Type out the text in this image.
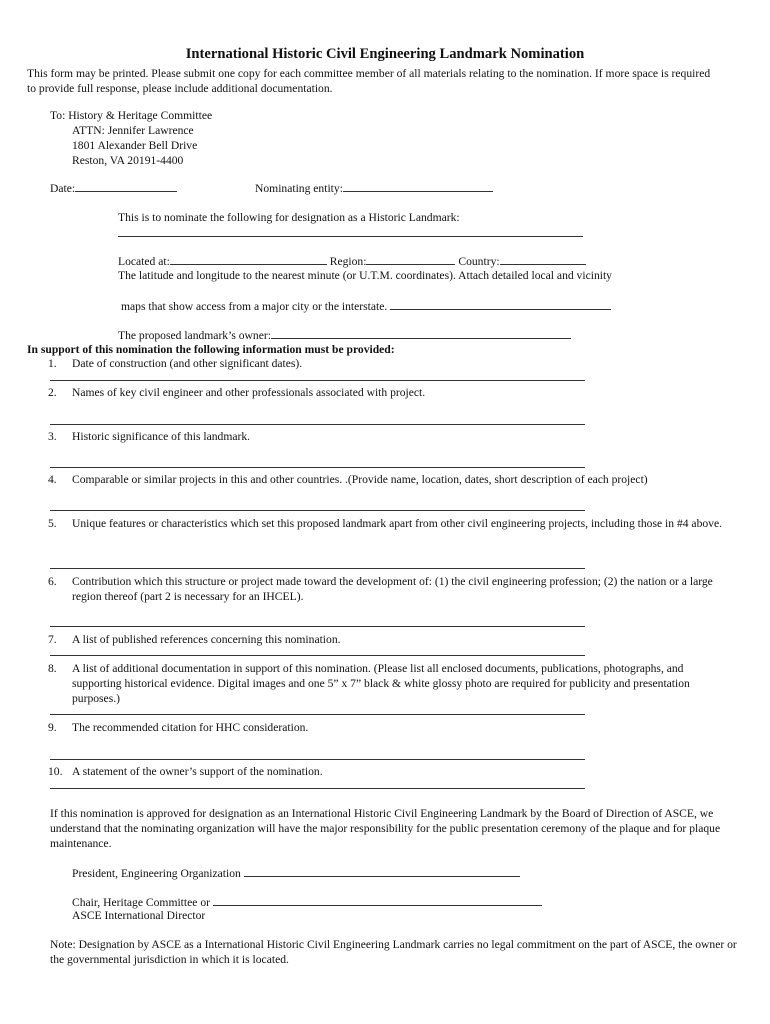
International Historic Civil Engineering Landmark Nomination
This form may be printed. Please submit one copy for each committee member of all materials relating to the nomination. If more space is required to provide full response, please include additional documentation.
To: History & Heritage Committee
ATTN: Jennifer Lawrence
1801 Alexander Bell Drive
Reston, VA 20191-4400
Date:	Nominating entity:
This is to nominate the following for designation as a Historic Landmark:
Located at:	Region:	Country:
The latitude and longitude to the nearest minute (or U.T.M. coordinates). Attach detailed local and vicinity
maps that show access from a major city or the interstate.
The proposed landmark’s owner:
In support of this nomination the following information must be provided:
1. Date of construction (and other significant dates).
2. Names of key civil engineer and other professionals associated with project.
3. Historic significance of this landmark.
4. Comparable or similar projects in this and other countries. .(Provide name, location, dates, short description of each project)
5. Unique features or characteristics which set this proposed landmark apart from other civil engineering projects, including those in #4 above.
6. Contribution which this structure or project made toward the development of: (1) the civil engineering profession; (2) the nation or a large region thereof (part 2 is necessary for an IHCEL).
7. A list of published references concerning this nomination.
8. A list of additional documentation in support of this nomination. (Please list all enclosed documents, publications, photographs, and supporting historical evidence. Digital images and one 5” x 7” black & white glossy photo are required for publicity and presentation purposes.)
9. The recommended citation for HHC consideration.
10. A statement of the owner’s support of the nomination.
If this nomination is approved for designation as an International Historic Civil Engineering Landmark by the Board of Direction of ASCE, we understand that the nominating organization will have the major responsibility for the public presentation ceremony of the plaque and for plaque maintenance.
President, Engineering Organization
Chair, Heritage Committee or
ASCE International Director
Note: Designation by ASCE as a International Historic Civil Engineering Landmark carries no legal commitment on the part of ASCE, the owner or the governmental jurisdiction in which it is located.
